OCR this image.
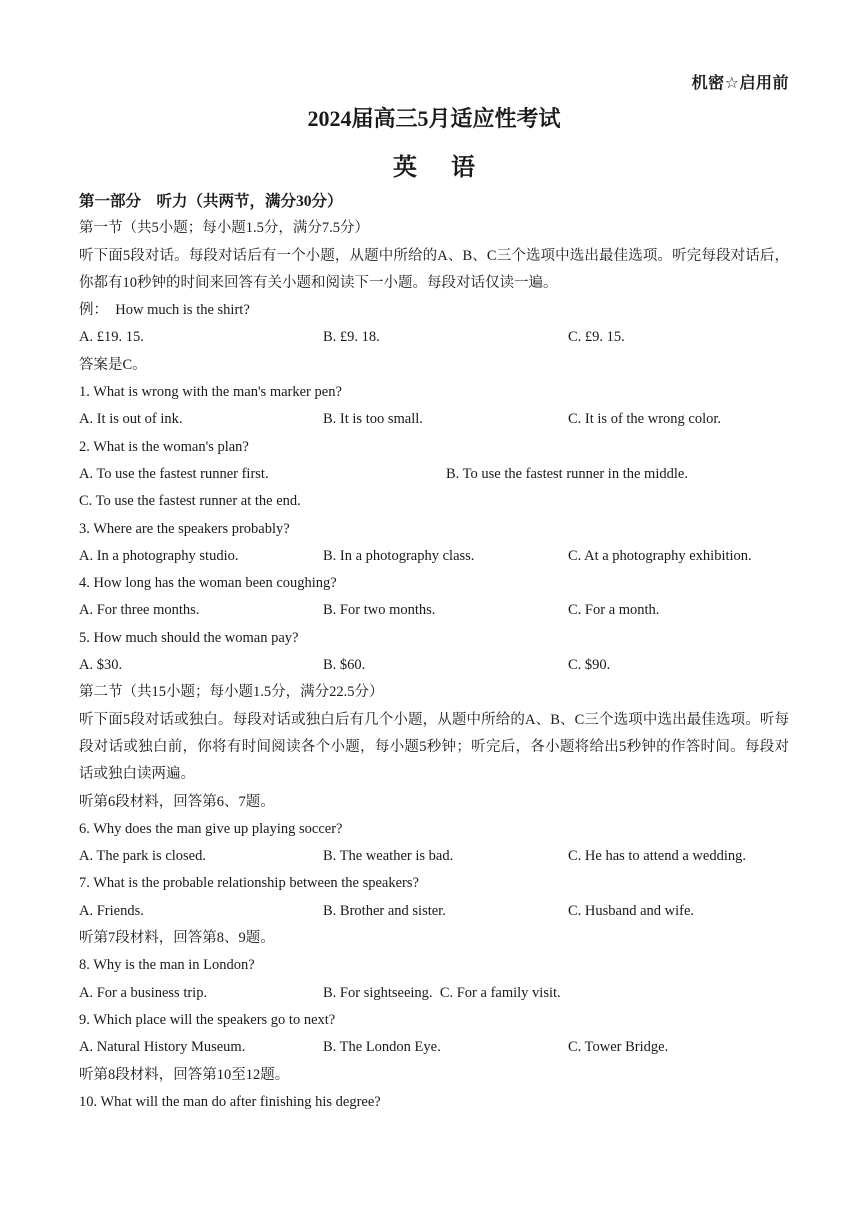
机密☆启用前
2024届高三5月适应性考试
英 语
第一部分　听力（共两节，满分30分）
第一节（共5小题；每小题1.5分，满分7.5分）
听下面5段对话。每段对话后有一个小题，从题中所给的A、B、C三个选项中选出最佳选项。听完每段对话后，你都有10秒钟的时间来回答有关小题和阅读下一小题。每段对话仅读一遍。
例：　How much is the shirt?
A. £19. 15.	B. £9. 18.	C. £9. 15.
答案是C。
1. What is wrong with the man's marker pen?
A. It is out of ink.	B. It is too small.	C. It is of the wrong color.
2. What is the woman's plan?
A. To use the fastest runner first.	B. To use the fastest runner in the middle.
C. To use the fastest runner at the end.
3. Where are the speakers probably?
A. In a photography studio.	B. In a photography class.	C. At a photography exhibition.
4. How long has the woman been coughing?
A. For three months.	B. For two months.	C. For a month.
5. How much should the woman pay?
A. $30.	B. $60.	C. $90.
第二节（共15小题；每小题1.5分，满分22.5分）
听下面5段对话或独白。每段对话或独白后有几个小题，从题中所给的A、B、C三个选项中选出最佳选项。听每段对话或独白前，你将有时间阅读各个小题，每小题5秒钟；听完后，各小题将给出5秒钟的作答时间。每段对话或独白读两遍。
听第6段材料，回答第6、7题。
6. Why does the man give up playing soccer?
A. The park is closed.	B. The weather is bad.	C. He has to attend a wedding.
7. What is the probable relationship between the speakers?
A. Friends.	B. Brother and sister.	C. Husband and wife.
听第7段材料，回答第8、9题。
8. Why is the man in London?
A. For a business trip.	B. For sightseeing. C. For a family visit.
9. Which place will the speakers go to next?
A. Natural History Museum.	B. The London Eye.	C. Tower Bridge.
听第8段材料，回答第10至12题。
10. What will the man do after finishing his degree?
